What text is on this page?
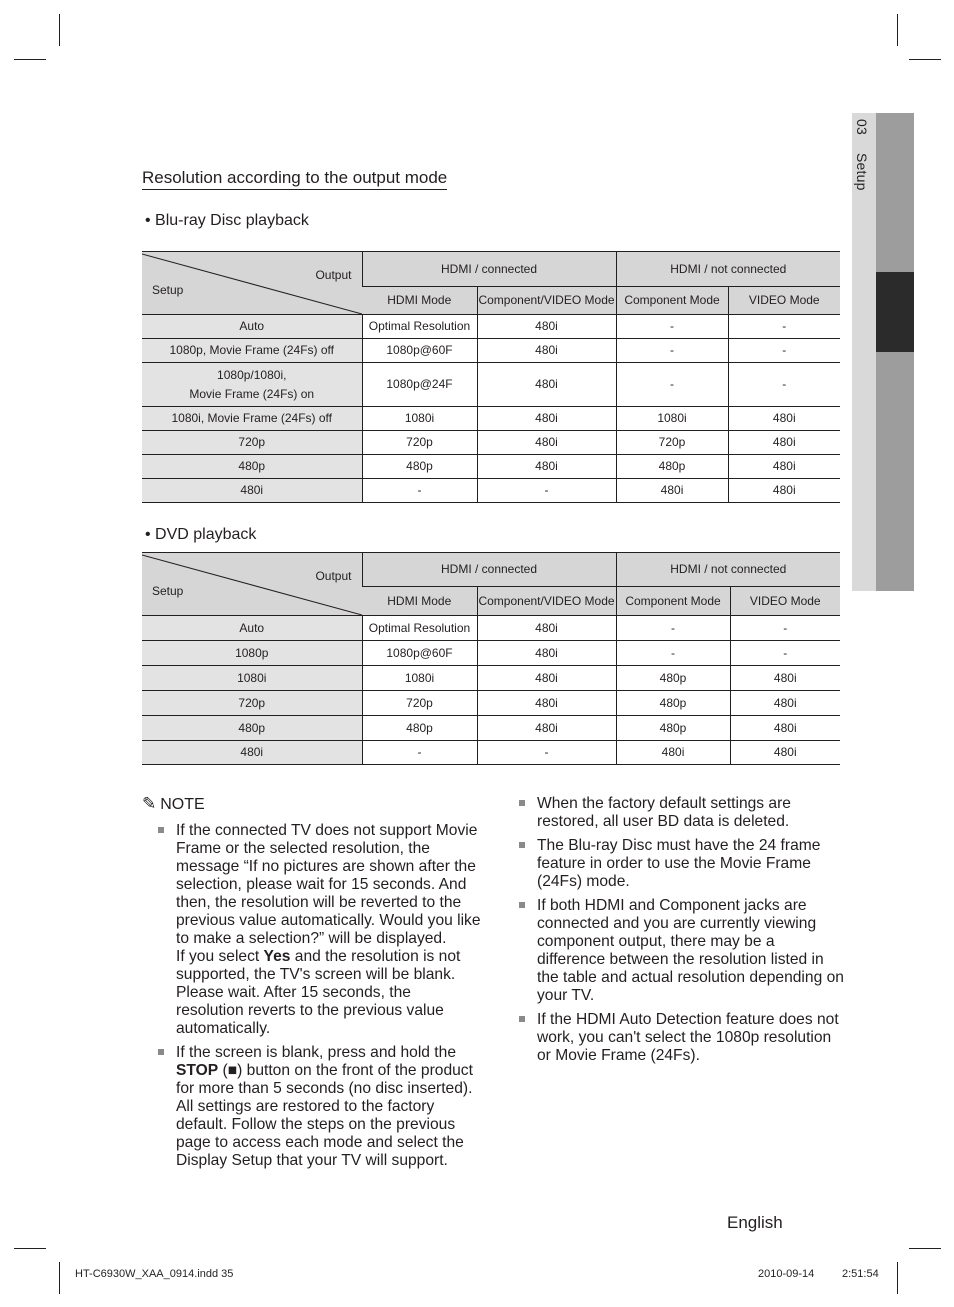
03 Setup
Resolution according to the output mode
• Blu-ray Disc playback
Output
Setup	HDMI / connected		HDMI / not connected	
	HDMI Mode	Component/VIDEO Mode	Component Mode	VIDEO Mode
Auto	Optimal Resolution	480i	-	-
1080p, Movie Frame (24Fs) off	1080p@60F	480i	-	-

1080p/1080i,
Movie Frame (24Fs) on	1080p@24F	480i	-	-
1080i, Movie Frame (24Fs) off	1080i	480i	1080i	480i
720p	720p	480i	720p	480i
480p	480p	480i	480p	480i
480i	-	-	480i	480i
• DVD playback
Output
Setup	HDMI / connected		HDMI / not connected	
	HDMI Mode	Component/VIDEO Mode	Component Mode	VIDEO Mode
Auto	Optimal Resolution	480i	-	-
1080p	1080p@60F	480i	-	-
1080i	1080i	480i	480p	480i
720p	720p	480i	480p	480i
480p	480p	480i	480p	480i
480i	-	-	480i	480i
✎ NOTE
If the connected TV does not support Movie Frame or the selected resolution, the message “If no pictures are shown after the selection, please wait for 15 seconds. And then, the resolution will be reverted to the previous value automatically. Would you like to make a selection?” will be displayed.
If you select Yes and the resolution is not supported, the TV's screen will be blank. Please wait. After 15 seconds, the resolution reverts to the previous value automatically.
If the screen is blank, press and hold the STOP (■) button on the front of the product for more than 5 seconds (no disc inserted). All settings are restored to the factory default. Follow the steps on the previous page to access each mode and select the Display Setup that your TV will support.
When the factory default settings are restored, all user BD data is deleted.
The Blu-ray Disc must have the 24 frame feature in order to use the Movie Frame (24Fs) mode.
If both HDMI and Component jacks are connected and you are currently viewing component output, there may be a difference between the resolution listed in the table and actual resolution depending on your TV.
If the HDMI Auto Detection feature does not work, you can't select the 1080p resolution or Movie Frame (24Fs).
English
HT-C6930W_XAA_0914.indd 35	2010-09-14	2:51:54
